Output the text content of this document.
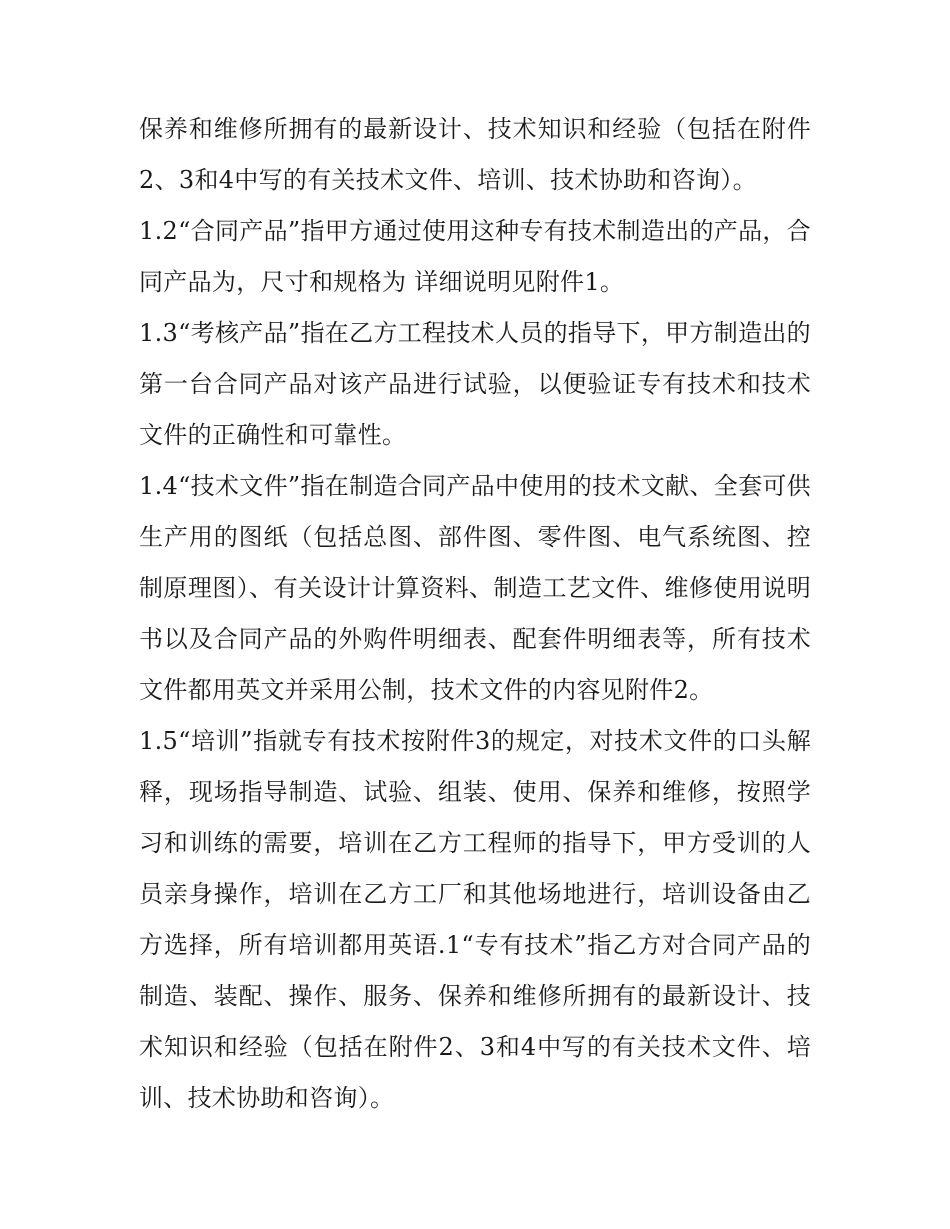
保养和维修所拥有的最新设计、技术知识和经验（包括在附件2、3和4中写的有关技术文件、培训、技术协助和咨询）。

1.2“合同产品”指甲方通过使用这种专有技术制造出的产品，合同产品为，尺寸和规格为 详细说明见附件1。

1.3“考核产品”指在乙方工程技术人员的指导下，甲方制造出的第一台合同产品对该产品进行试验，以便验证专有技术和技术文件的正确性和可靠性。

1.4“技术文件”指在制造合同产品中使用的技术文献、全套可供生产用的图纸（包括总图、部件图、零件图、电气系统图、控制原理图）、有关设计计算资料、制造工艺文件、维修使用说明书以及合同产品的外购件明细表、配套件明细表等，所有技术文件都用英文并采用公制，技术文件的内容见附件2。

1.5“培训”指就专有技术按附件3的规定，对技术文件的口头解释，现场指导制造、试验、组装、使用、保养和维修，按照学习和训练的需要，培训在乙方工程师的指导下，甲方受训的人员亲身操作，培训在乙方工厂和其他场地进行，培训设备由乙方选择，所有培训都用英语.1“专有技术”指乙方对合同产品的制造、装配、操作、服务、保养和维修所拥有的最新设计、技术知识和经验（包括在附件2、3和4中写的有关技术文件、培训、技术协助和咨询）。
